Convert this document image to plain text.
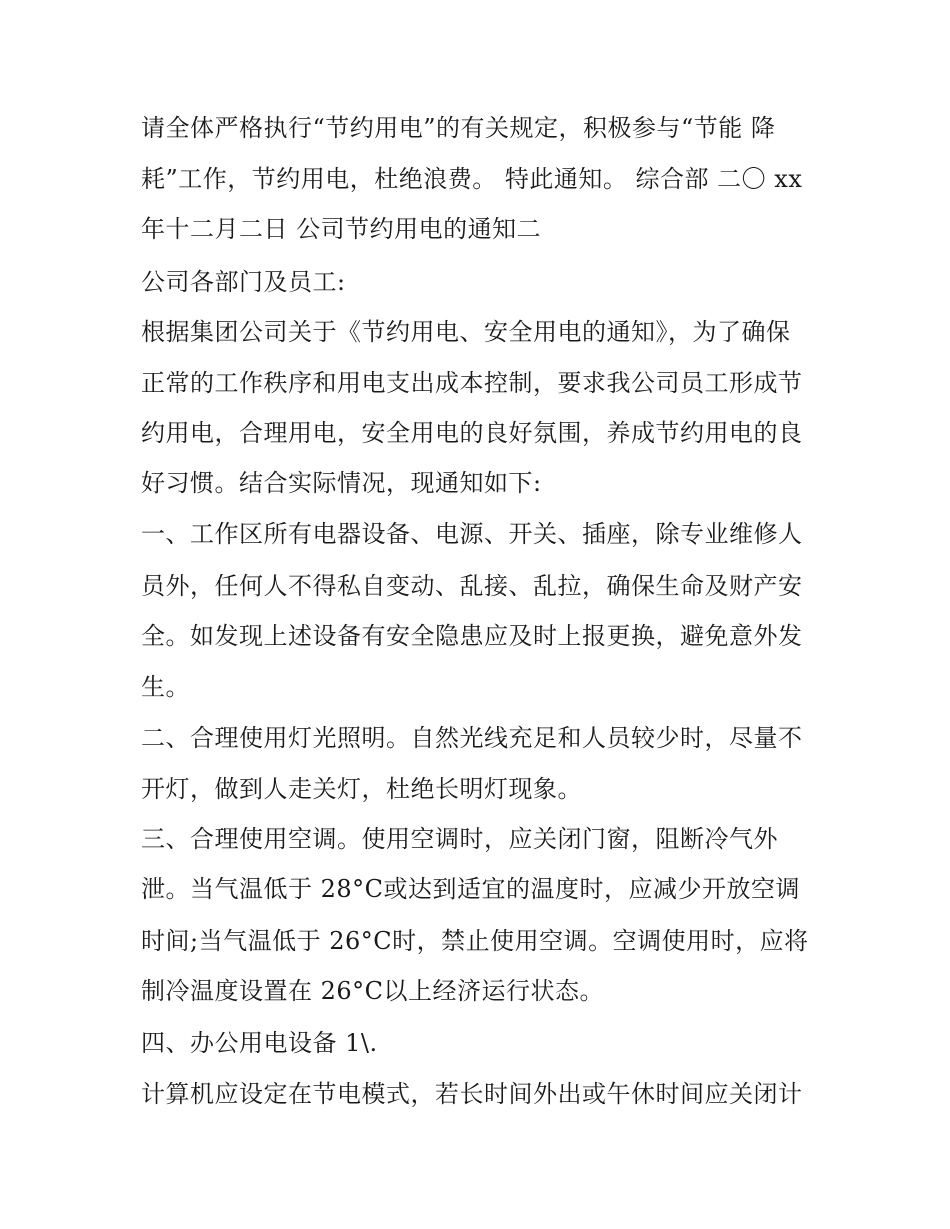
请全体严格执行“节约用电”的有关规定，积极参与“节能 降
耗”工作，节约用电，杜绝浪费。 特此通知。 综合部 二〇 xx
年十二月二日 公司节约用电的通知二
公司各部门及员工:
根据集团公司关于《节约用电、安全用电的通知》，为了确保
正常的工作秩序和用电支出成本控制，要求我公司员工形成节
约用电，合理用电，安全用电的良好氛围，养成节约用电的良
好习惯。结合实际情况，现通知如下:
一、工作区所有电器设备、电源、开关、插座，除专业维修人
员外，任何人不得私自变动、乱接、乱拉，确保生命及财产安
全。如发现上述设备有安全隐患应及时上报更换，避免意外发
生。
二、合理使用灯光照明。自然光线充足和人员较少时，尽量不
开灯，做到人走关灯，杜绝长明灯现象。
三、合理使用空调。使用空调时，应关闭门窗，阻断冷气外
泄。当气温低于 28°C或达到适宜的温度时，应减少开放空调
时间;当气温低于 26°C时，禁止使用空调。空调使用时，应将
制冷温度设置在 26°C以上经济运行状态。
四、办公用电设备 1\.
计算机应设定在节电模式，若长时间外出或午休时间应关闭计
